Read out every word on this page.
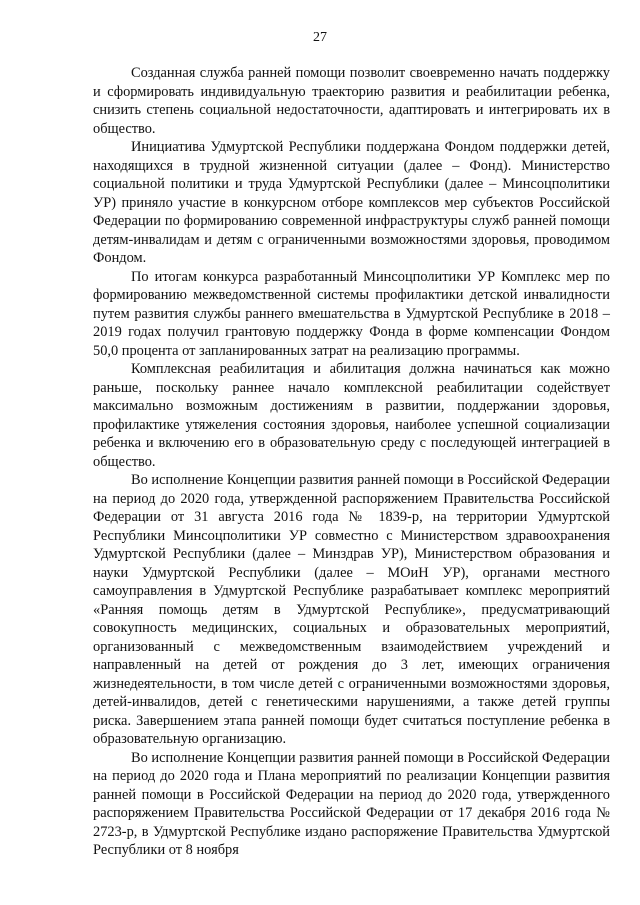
27

Созданная служба ранней помощи позволит своевременно начать поддержку и сформировать индивидуальную траекторию развития и реабилитации ребенка, снизить степень социальной недостаточности, адаптировать и интегрировать их в общество.

Инициатива Удмуртской Республики поддержана Фондом поддержки детей, находящихся в трудной жизненной ситуации (далее – Фонд). Министерство социальной политики и труда Удмуртской Республики (далее – Минсоцполитики УР) приняло участие в конкурсном отборе комплексов мер субъектов Российской Федерации по формированию современной инфраструктуры служб ранней помощи детям-инвалидам и детям с ограниченными возможностями здоровья, проводимом Фондом.

По итогам конкурса разработанный Минсоцполитики УР Комплекс мер по формированию межведомственной системы профилактики детской инвалидности путем развития службы раннего вмешательства в Удмуртской Республике в 2018 – 2019 годах получил грантовую поддержку Фонда в форме компенсации Фондом 50,0 процента от запланированных затрат на реализацию программы.

Комплексная реабилитация и абилитация должна начинаться как можно раньше, поскольку раннее начало комплексной реабилитации содействует максимально возможным достижениям в развитии, поддержании здоровья, профилактике утяжеления состояния здоровья, наиболее успешной социализации ребенка и включению его в образовательную среду с последующей интеграцией в общество.

Во исполнение Концепции развития ранней помощи в Российской Федерации на период до 2020 года, утвержденной распоряжением Правительства Российской Федерации от 31 августа 2016 года № 1839-р, на территории Удмуртской Республики Минсоцполитики УР совместно с Министерством здравоохранения Удмуртской Республики (далее – Минздрав УР), Министерством образования и науки Удмуртской Республики (далее – МОиН УР), органами местного самоуправления в Удмуртской Республике разрабатывает комплекс мероприятий «Ранняя помощь детям в Удмуртской Республике», предусматривающий совокупность медицинских, социальных и образовательных мероприятий, организованный с межведомственным взаимодействием учреждений и направленный на детей от рождения до 3 лет, имеющих ограничения жизнедеятельности, в том числе детей с ограниченными возможностями здоровья, детей-инвалидов, детей с генетическими нарушениями, а также детей группы риска. Завершением этапа ранней помощи будет считаться поступление ребенка в образовательную организацию.

Во исполнение Концепции развития ранней помощи в Российской Федерации на период до 2020 года и Плана мероприятий по реализации Концепции развития ранней помощи в Российской Федерации на период до 2020 года, утвержденного распоряжением Правительства Российской Федерации от 17 декабря 2016 года № 2723-р, в Удмуртской Республике издано распоряжение Правительства Удмуртской Республики от 8 ноября
